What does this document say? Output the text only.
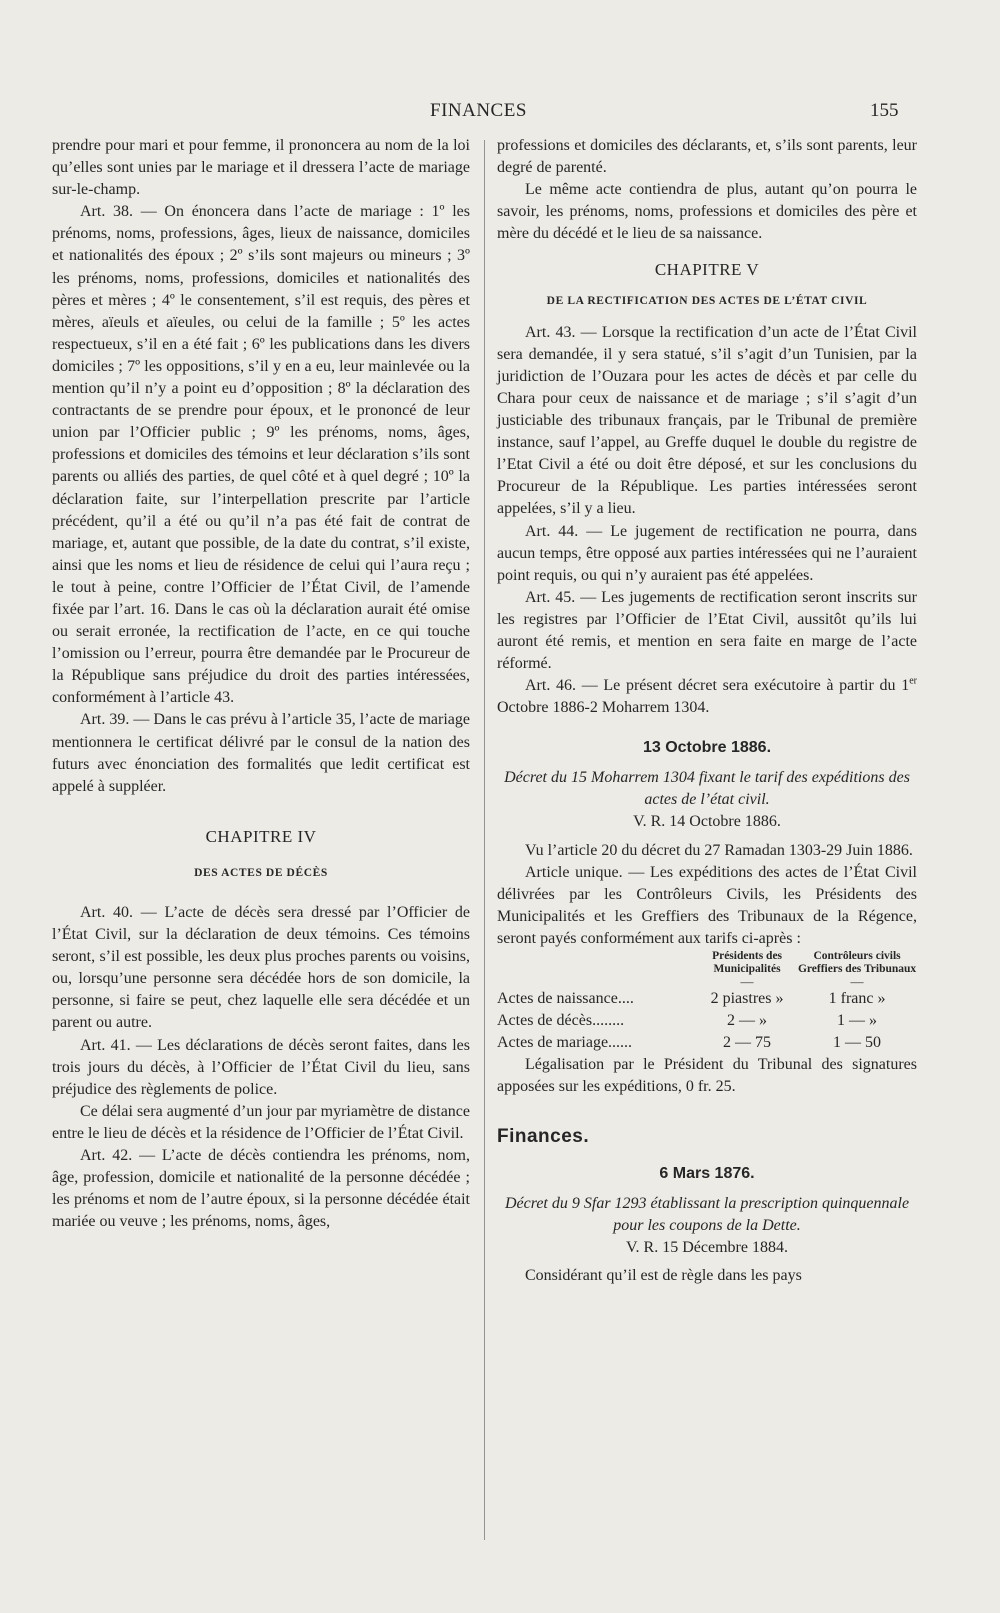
FINANCES	155

prendre pour mari et pour femme, il prononcera au nom de la loi qu’elles sont unies par le mariage et il dressera l’acte de mariage sur-le-champ.

Art. 38. — On énoncera dans l’acte de mariage : 1º les prénoms, noms, professions, âges, lieux de naissance, domiciles et nationalités des époux ; 2º s’ils sont majeurs ou mineurs ; 3º les prénoms, noms, professions, domiciles et nationalités des pères et mères ; 4º le consentement, s’il est requis, des pères et mères, aïeuls et aïeules, ou celui de la famille ; 5º les actes respectueux, s’il en a été fait ; 6º les publications dans les divers domiciles ; 7º les oppositions, s’il y en a eu, leur mainlevée ou la mention qu’il n’y a point eu d’opposition ; 8º la déclaration des contractants de se prendre pour époux, et le prononcé de leur union par l’Officier public ; 9º les prénoms, noms, âges, professions et domiciles des témoins et leur déclaration s’ils sont parents ou alliés des parties, de quel côté et à quel degré ; 10º la déclaration faite, sur l’interpellation prescrite par l’article précédent, qu’il a été ou qu’il n’a pas été fait de contrat de mariage, et, autant que possible, de la date du contrat, s’il existe, ainsi que les noms et lieu de résidence de celui qui l’aura reçu ; le tout à peine, contre l’Officier de l’État Civil, de l’amende fixée par l’art. 16. Dans le cas où la déclaration aurait été omise ou serait erronée, la rectification de l’acte, en ce qui touche l’omission ou l’erreur, pourra être demandée par le Procureur de la République sans préjudice du droit des parties intéressées, conformément à l’article 43.

Art. 39. — Dans le cas prévu à l’article 35, l’acte de mariage mentionnera le certificat délivré par le consul de la nation des futurs avec énonciation des formalités que ledit certificat est appelé à suppléer.

CHAPITRE IV

DES ACTES DE DÉCÈS

Art. 40. — L’acte de décès sera dressé par l’Officier de l’État Civil, sur la déclaration de deux témoins. Ces témoins seront, s’il est possible, les deux plus proches parents ou voisins, ou, lorsqu’une personne sera décédée hors de son domicile, la personne, si faire se peut, chez laquelle elle sera décédée et un parent ou autre.

Art. 41. — Les déclarations de décès seront faites, dans les trois jours du décès, à l’Officier de l’État Civil du lieu, sans préjudice des règlements de police.

Ce délai sera augmenté d’un jour par myriamètre de distance entre le lieu de décès et la résidence de l’Officier de l’État Civil.

Art. 42. — L’acte de décès contiendra les prénoms, nom, âge, profession, domicile et nationalité de la personne décédée ; les prénoms et nom de l’autre époux, si la personne décédée était mariée ou veuve ; les prénoms, noms, âges,

professions et domiciles des déclarants, et, s’ils sont parents, leur degré de parenté.

Le même acte contiendra de plus, autant qu’on pourra le savoir, les prénoms, noms, professions et domiciles des père et mère du décédé et le lieu de sa naissance.

CHAPITRE V

DE LA RECTIFICATION DES ACTES DE L’ÉTAT CIVIL

Art. 43. — Lorsque la rectification d’un acte de l’État Civil sera demandée, il y sera statué, s’il s’agit d’un Tunisien, par la juridiction de l’Ouzara pour les actes de décès et par celle du Chara pour ceux de naissance et de mariage ; s’il s’agit d’un justiciable des tribunaux français, par le Tribunal de première instance, sauf l’appel, au Greffe duquel le double du registre de l’Etat Civil a été ou doit être déposé, et sur les conclusions du Procureur de la République. Les parties intéressées seront appelées, s’il y a lieu.

Art. 44. — Le jugement de rectification ne pourra, dans aucun temps, être opposé aux parties intéressées qui ne l’auraient point requis, ou qui n’y auraient pas été appelées.

Art. 45. — Les jugements de rectification seront inscrits sur les registres par l’Officier de l’Etat Civil, aussitôt qu’ils lui auront été remis, et mention en sera faite en marge de l’acte réformé.

Art. 46. — Le présent décret sera exécutoire à partir du 1er Octobre 1886-2 Moharrem 1304.

13 Octobre 1886.

Décret du 15 Moharrem 1304 fixant le tarif des expéditions des actes de l’état civil.

V. R. 14 Octobre 1886.

Vu l’article 20 du décret du 27 Ramadan 1303-29 Juin 1886.

Article unique. — Les expéditions des actes de l’État Civil délivrées par les Contrôleurs Civils, les Présidents des Municipalités et les Greffiers des Tribunaux de la Régence, seront payés conformément aux tarifs ci-après :

	Présidents des Municipalités	Contrôleurs civils Greffiers des Tribunaux
	—	—
Actes de naissance....	2 piastres »	1 franc »
Actes de décès........	2 — »	1 — »
Actes de mariage......	2 — 75	1 — 50

Légalisation par le Président du Tribunal des signatures apposées sur les expéditions, 0 fr. 25.

Finances.

6 Mars 1876.

Décret du 9 Sfar 1293 établissant la prescription quinquennale pour les coupons de la Dette.

V. R. 15 Décembre 1884.

Considérant qu’il est de règle dans les pays
